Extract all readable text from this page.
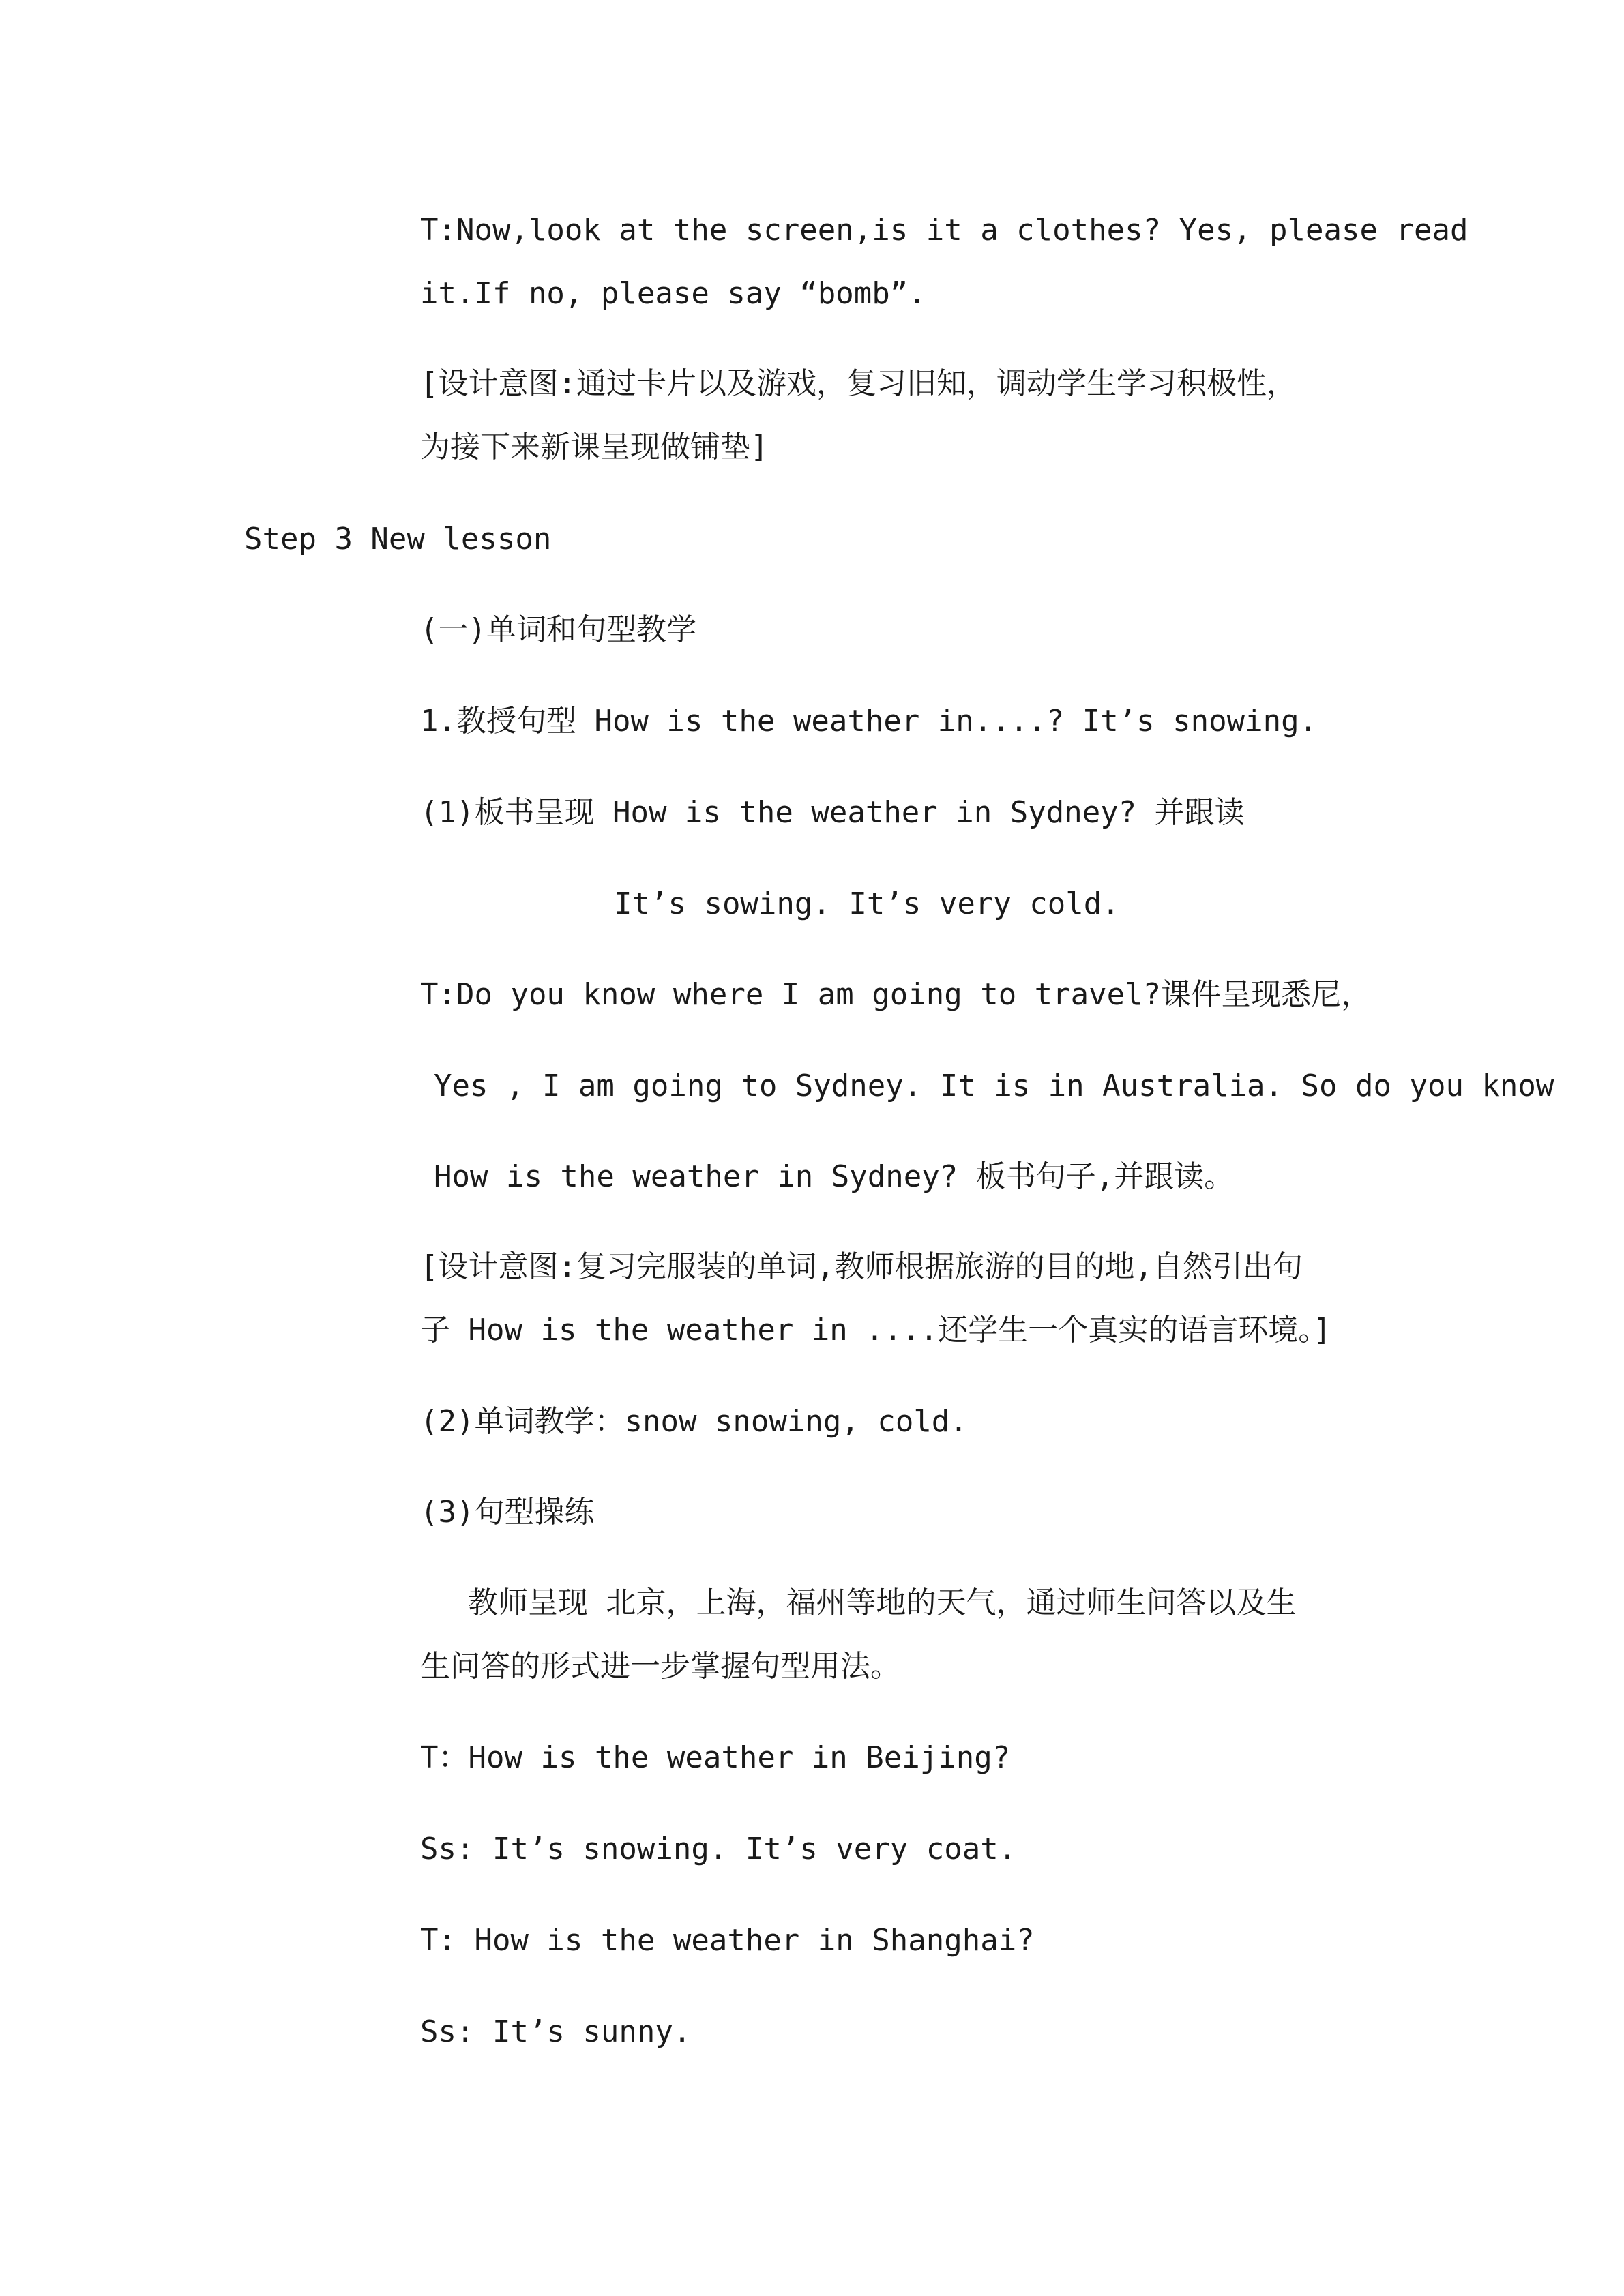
T:Now,look at the screen,is it a clothes? Yes, please read
it.If no, please say “bomb”.
[设计意图:通过卡片以及游戏，复习旧知，调动学生学习积极性，
为接下来新课呈现做铺垫]
Step 3 New lesson
(一)单词和句型教学
1.教授句型 How is the weather in....? It’s snowing.
(1)板书呈现 How is the weather in Sydney? 并跟读
It’s sowing. It’s very cold.
T:Do you know where I am going to travel?课件呈现悉尼，
Yes , I am going to Sydney. It is in Australia. So do you know
How is the weather in Sydney? 板书句子,并跟读。
[设计意图:复习完服装的单词,教师根据旅游的目的地,自然引出句
子 How is the weather in ....还学生一个真实的语言环境。]
(2)单词教学：snow snowing, cold.
(3)句型操练
教师呈现 北京，上海，福州等地的天气，通过师生问答以及生
生问答的形式进一步掌握句型用法。
T：How is the weather in Beijing?
Ss: It’s snowing. It’s very coat.
T: How is the weather in Shanghai?
Ss: It’s sunny.
